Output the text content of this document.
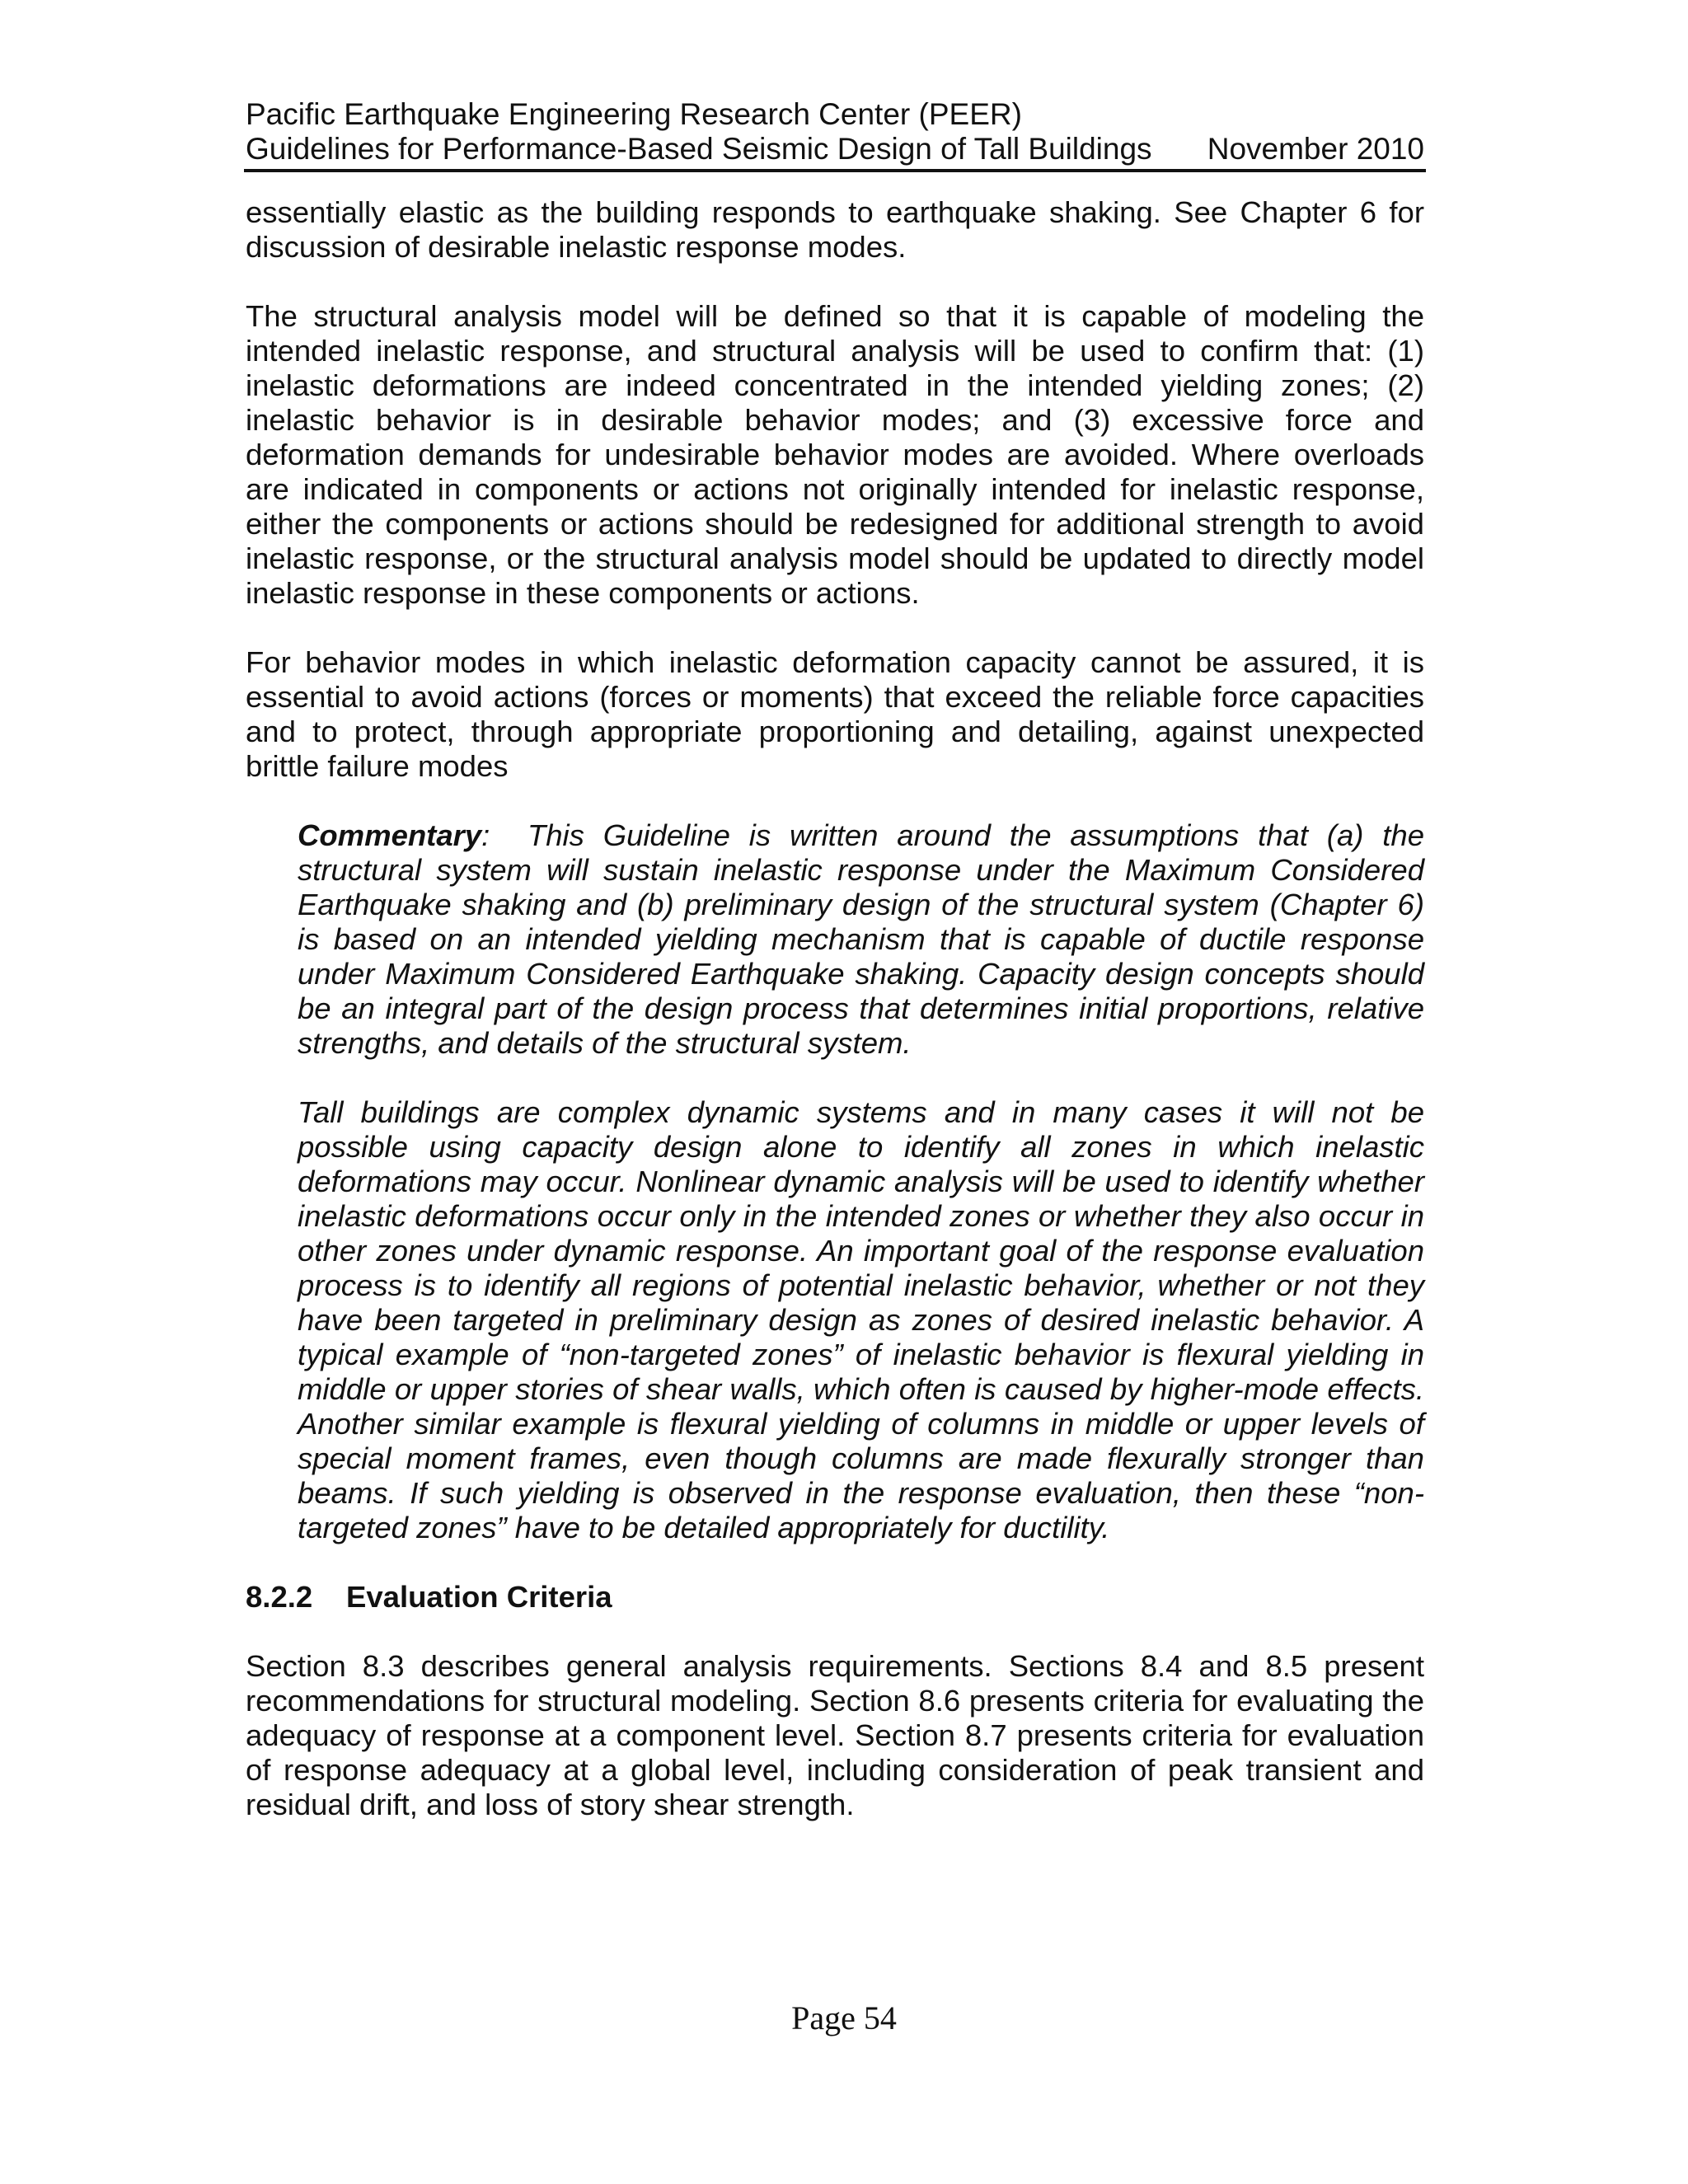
Pacific Earthquake Engineering Research Center (PEER)
Guidelines for Performance-Based Seismic Design of Tall Buildings November 2010

essentially elastic as the building responds to earthquake shaking. See Chapter 6 for discussion of desirable inelastic response modes.

The structural analysis model will be defined so that it is capable of modeling the intended inelastic response, and structural analysis will be used to confirm that: (1) inelastic deformations are indeed concentrated in the intended yielding zones; (2) inelastic behavior is in desirable behavior modes; and (3) excessive force and deformation demands for undesirable behavior modes are avoided. Where overloads are indicated in components or actions not originally intended for inelastic response, either the components or actions should be redesigned for additional strength to avoid inelastic response, or the structural analysis model should be updated to directly model inelastic response in these components or actions.

For behavior modes in which inelastic deformation capacity cannot be assured, it is essential to avoid actions (forces or moments) that exceed the reliable force capacities and to protect, through appropriate proportioning and detailing, against unexpected brittle failure modes

Commentary: This Guideline is written around the assumptions that (a) the structural system will sustain inelastic response under the Maximum Considered Earthquake shaking and (b) preliminary design of the structural system (Chapter 6) is based on an intended yielding mechanism that is capable of ductile response under Maximum Considered Earthquake shaking. Capacity design concepts should be an integral part of the design process that determines initial proportions, relative strengths, and details of the structural system.

Tall buildings are complex dynamic systems and in many cases it will not be possible using capacity design alone to identify all zones in which inelastic deformations may occur. Nonlinear dynamic analysis will be used to identify whether inelastic deformations occur only in the intended zones or whether they also occur in other zones under dynamic response. An important goal of the response evaluation process is to identify all regions of potential inelastic behavior, whether or not they have been targeted in preliminary design as zones of desired inelastic behavior. A typical example of “non-targeted zones” of inelastic behavior is flexural yielding in middle or upper stories of shear walls, which often is caused by higher-mode effects. Another similar example is flexural yielding of columns in middle or upper levels of special moment frames, even though columns are made flexurally stronger than beams. If such yielding is observed in the response evaluation, then these “non-targeted zones” have to be detailed appropriately for ductility.

8.2.2 Evaluation Criteria

Section 8.3 describes general analysis requirements. Sections 8.4 and 8.5 present recommendations for structural modeling. Section 8.6 presents criteria for evaluating the adequacy of response at a component level. Section 8.7 presents criteria for evaluation of response adequacy at a global level, including consideration of peak transient and residual drift, and loss of story shear strength.

Page 54
